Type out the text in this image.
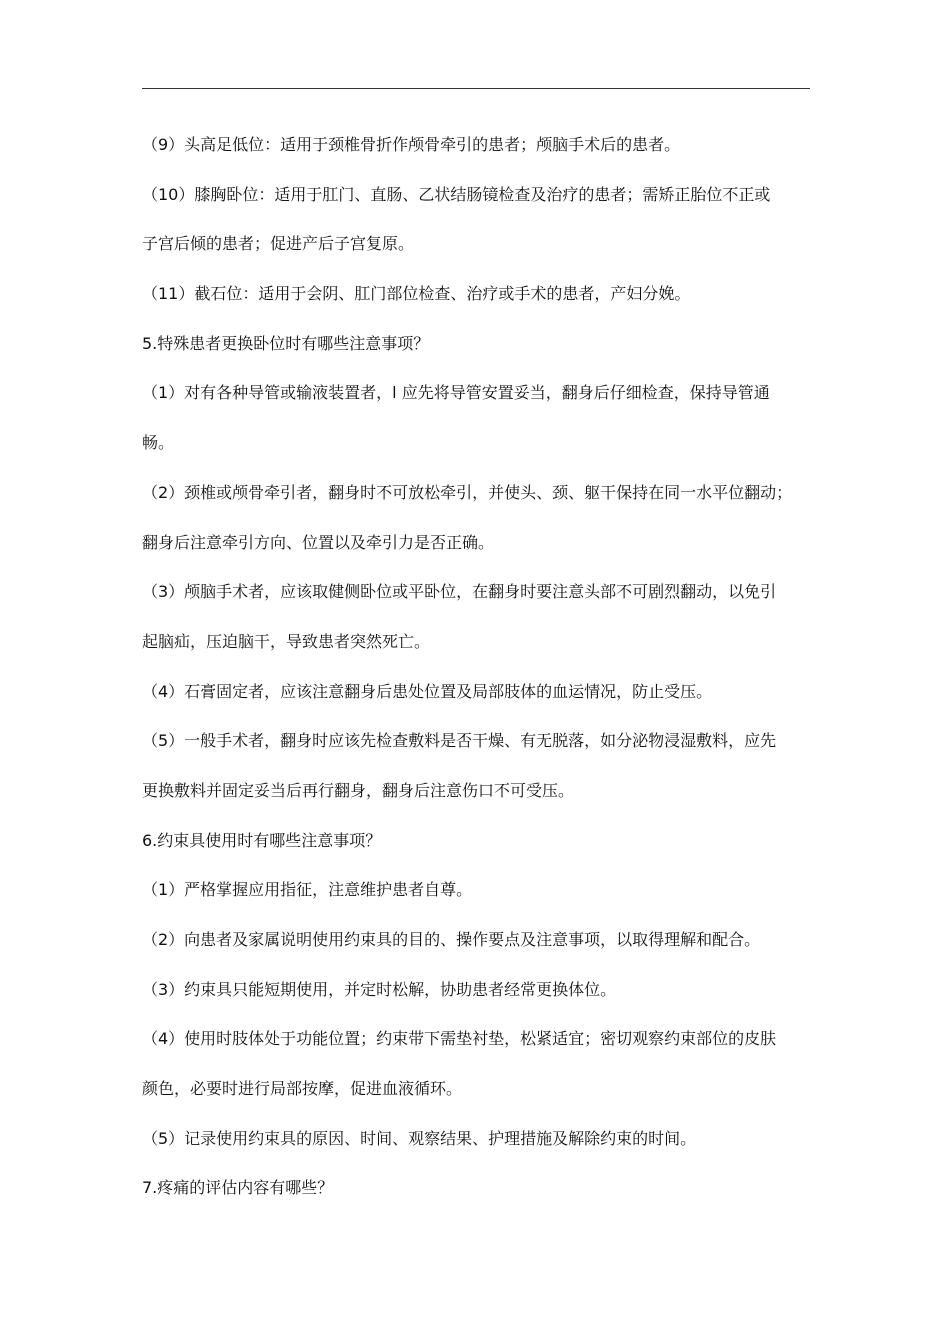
（9）头高足低位：适用于颈椎骨折作颅骨牵引的患者；颅脑手术后的患者。
（10）膝胸卧位：适用于肛门、直肠、乙状结肠镜检查及治疗的患者；需矫正胎位不正或
子宫后倾的患者；促进产后子宫复原。
（11）截石位：适用于会阴、肛门部位检查、治疗或手术的患者，产妇分娩。
5.特殊患者更换卧位时有哪些注意事项？
（1）对有各种导管或输液装置者，l 应先将导管安置妥当，翻身后仔细检查，保持导管通
畅。
（2）颈椎或颅骨牵引者，翻身时不可放松牵引，并使头、颈、躯干保持在同一水平位翻动；
翻身后注意牵引方向、位置以及牵引力是否正确。
（3）颅脑手术者，应该取健侧卧位或平卧位，在翻身时要注意头部不可剧烈翻动，以免引
起脑疝，压迫脑干，导致患者突然死亡。
（4）石膏固定者，应该注意翻身后患处位置及局部肢体的血运情况，防止受压。
（5）一般手术者，翻身时应该先检查敷料是否干燥、有无脱落，如分泌物浸湿敷料，应先
更换敷料并固定妥当后再行翻身，翻身后注意伤口不可受压。
6.约束具使用时有哪些注意事项？
（1）严格掌握应用指征，注意维护患者自尊。
（2）向患者及家属说明使用约束具的目的、操作要点及注意事项，以取得理解和配合。
（3）约束具只能短期使用，并定时松解，协助患者经常更换体位。
（4）使用时肢体处于功能位置；约束带下需垫衬垫，松紧适宜；密切观察约束部位的皮肤
颜色，必要时进行局部按摩，促进血液循环。
（5）记录使用约束具的原因、时间、观察结果、护理措施及解除约束的时间。
7.疼痛的评估内容有哪些？
